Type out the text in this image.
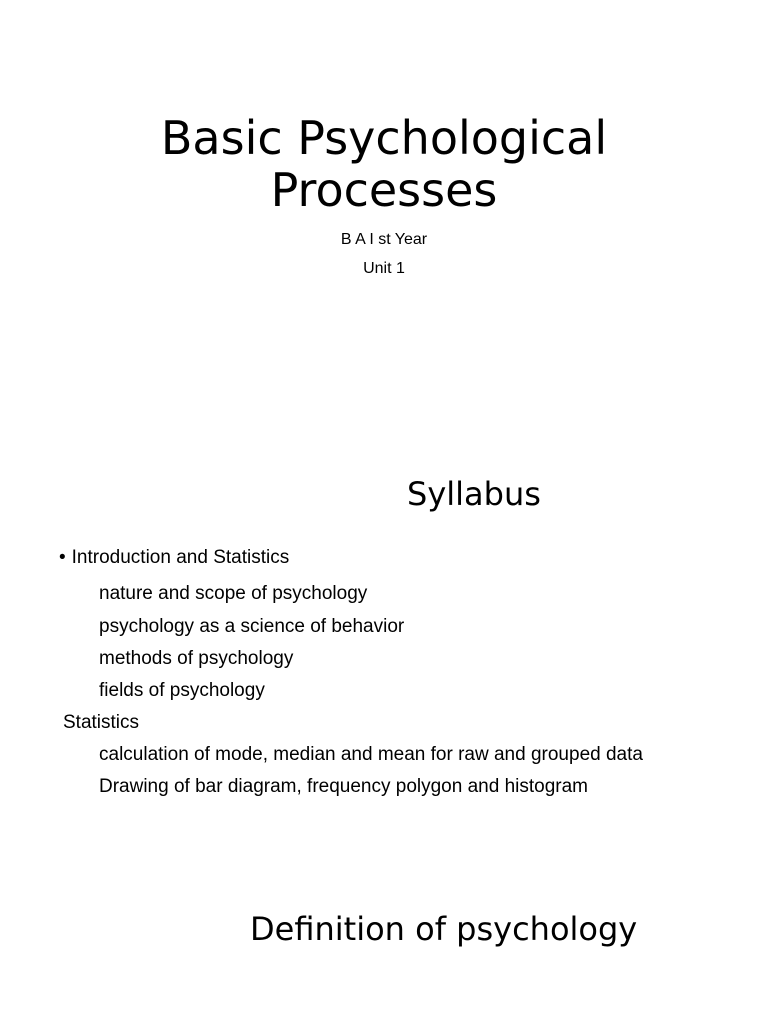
Basic Psychological
Processes
B A I st Year
Unit 1
Syllabus
• Introduction and Statistics
nature and scope of psychology
psychology as a science of behavior
methods of psychology
fields of psychology
Statistics
calculation of mode, median and mean for raw and grouped data
Drawing of bar diagram, frequency polygon and histogram
Definition of psychology
